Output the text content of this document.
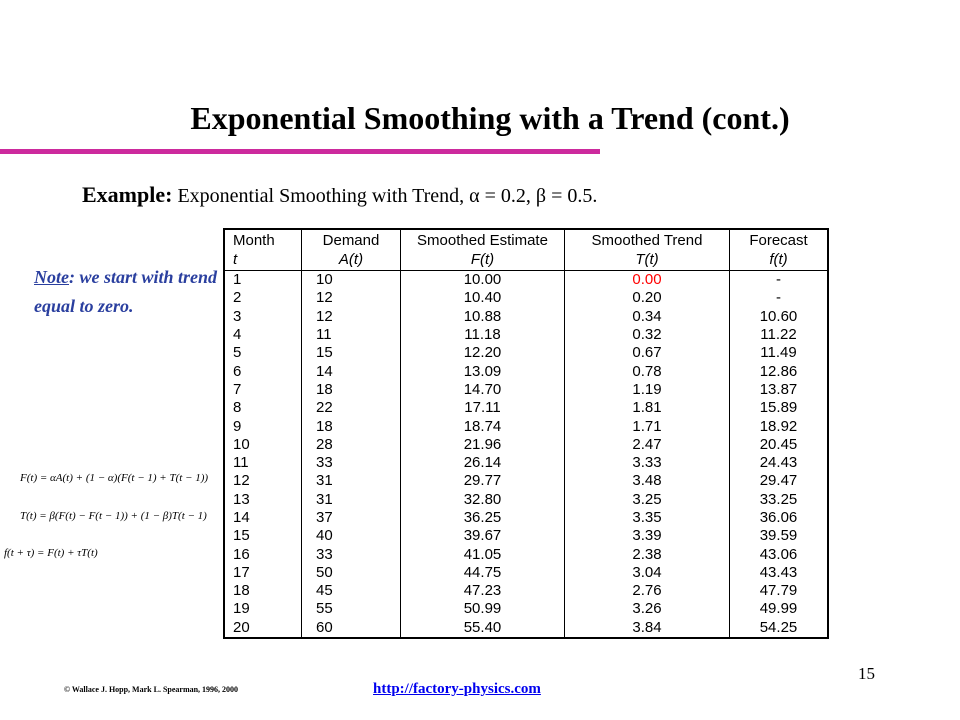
Exponential Smoothing with a Trend (cont.)
Example: Exponential Smoothing with Trend, α = 0.2, β = 0.5.
Note: we start with trend equal to zero.
F(t) = αA(t) + (1 − α)(F(t − 1) + T(t − 1))
T(t) = β(F(t) − F(t − 1)) + (1 − β)T(t − 1)
f(t + τ) = F(t) + τT(t)
Month	Demand	Smoothed Estimate	Smoothed Trend	Forecast
t	A(t)	F(t)	T(t)	f(t)
1	10	10.00	0.00	-
2	12	10.40	0.20	-
3	12	10.88	0.34	10.60
4	11	11.18	0.32	11.22
5	15	12.20	0.67	11.49
6	14	13.09	0.78	12.86
7	18	14.70	1.19	13.87
8	22	17.11	1.81	15.89
9	18	18.74	1.71	18.92
10	28	21.96	2.47	20.45
11	33	26.14	3.33	24.43
12	31	29.77	3.48	29.47
13	31	32.80	3.25	33.25
14	37	36.25	3.35	36.06
15	40	39.67	3.39	39.59
16	33	41.05	2.38	43.06
17	50	44.75	3.04	43.43
18	45	47.23	2.76	47.79
19	55	50.99	3.26	49.99
20	60	55.40	3.84	54.25
© Wallace J. Hopp, Mark L. Spearman, 1996, 2000	http://factory-physics.com
15
